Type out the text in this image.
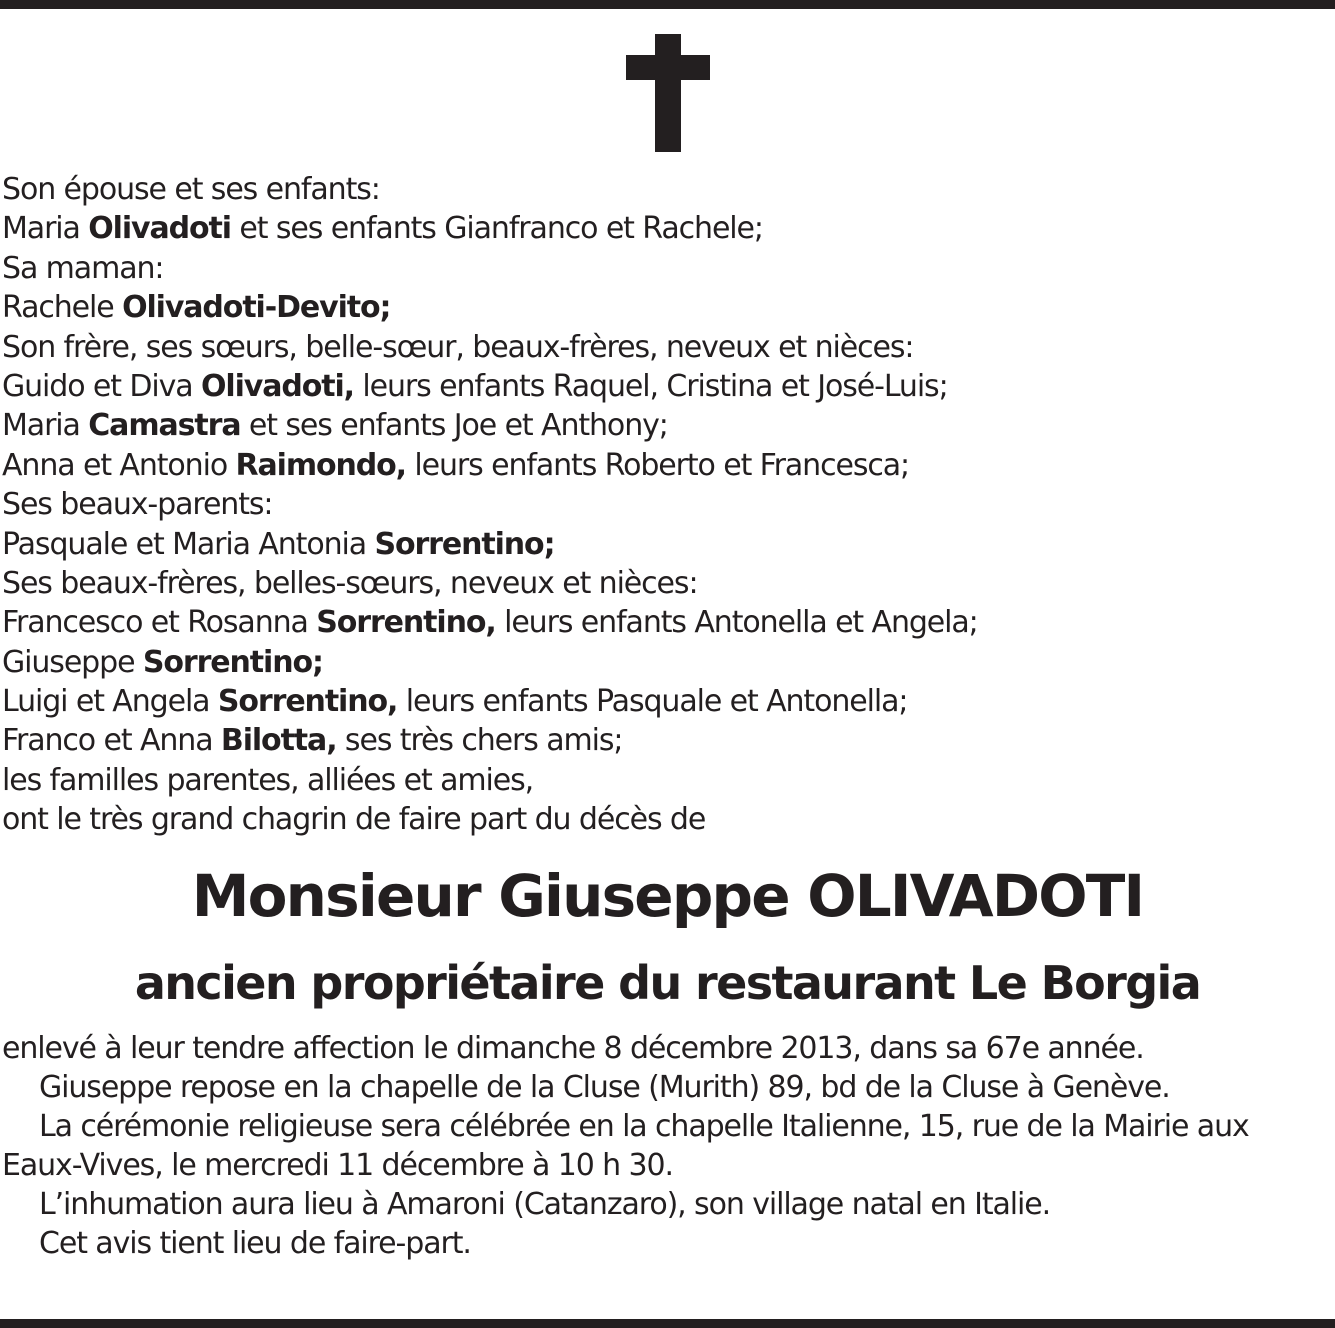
Son épouse et ses enfants:
Maria Olivadoti et ses enfants Gianfranco et Rachele;
Sa maman:
Rachele Olivadoti-Devito;
Son frère, ses sœurs, belle-sœur, beaux-frères, neveux et nièces:
Guido et Diva Olivadoti, leurs enfants Raquel, Cristina et José-Luis;
Maria Camastra et ses enfants Joe et Anthony;
Anna et Antonio Raimondo, leurs enfants Roberto et Francesca;
Ses beaux-parents:
Pasquale et Maria Antonia Sorrentino;
Ses beaux-frères, belles-sœurs, neveux et nièces:
Francesco et Rosanna Sorrentino, leurs enfants Antonella et Angela;
Giuseppe Sorrentino;
Luigi et Angela Sorrentino, leurs enfants Pasquale et Antonella;
Franco et Anna Bilotta, ses très chers amis;
les familles parentes, alliées et amies,
ont le très grand chagrin de faire part du décès de
Monsieur Giuseppe OLIVADOTI
ancien propriétaire du restaurant Le Borgia
enlevé à leur tendre affection le dimanche 8 décembre 2013, dans sa 67e année.
Giuseppe repose en la chapelle de la Cluse (Murith) 89, bd de la Cluse à Genève.
La cérémonie religieuse sera célébrée en la chapelle Italienne, 15, rue de la Mairie aux
Eaux-Vives, le mercredi 11 décembre à 10 h 30.
L’inhumation aura lieu à Amaroni (Catanzaro), son village natal en Italie.
Cet avis tient lieu de faire-part.
